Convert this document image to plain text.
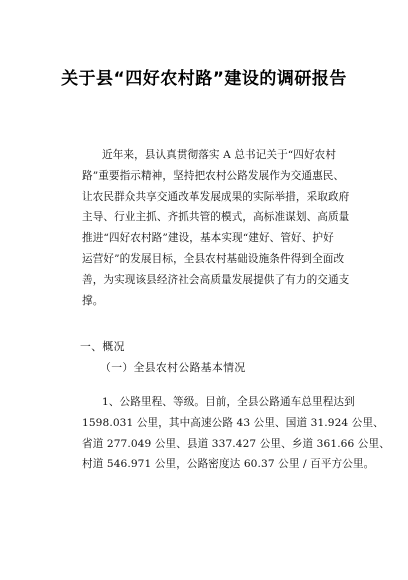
关于县“四好农村路”建设的调研报告
近年来，县认真贯彻落实 A 总书记关于“四好农村
路”重要指示精神，坚持把农村公路发展作为交通惠民、
让农民群众共享交通改革发展成果的实际举措，采取政府
主导、行业主抓、齐抓共管的模式，高标准谋划、高质量
推进“四好农村路”建设，基本实现“建好、管好、护好
运营好”的发展目标，全县农村基础设施条件得到全面改
善，为实现该县经济社会高质量发展提供了有力的交通支
撑。
一、概况
（一）全县农村公路基本情况
1、公路里程、等级。目前，全县公路通车总里程达到
1598.031 公里，其中高速公路 43 公里、国道 31.924 公里、
省道 277.049 公里、县道 337.427 公里、乡道 361.66 公里、
村道 546.971 公里，公路密度达 60.37 公里 / 百平方公里。
